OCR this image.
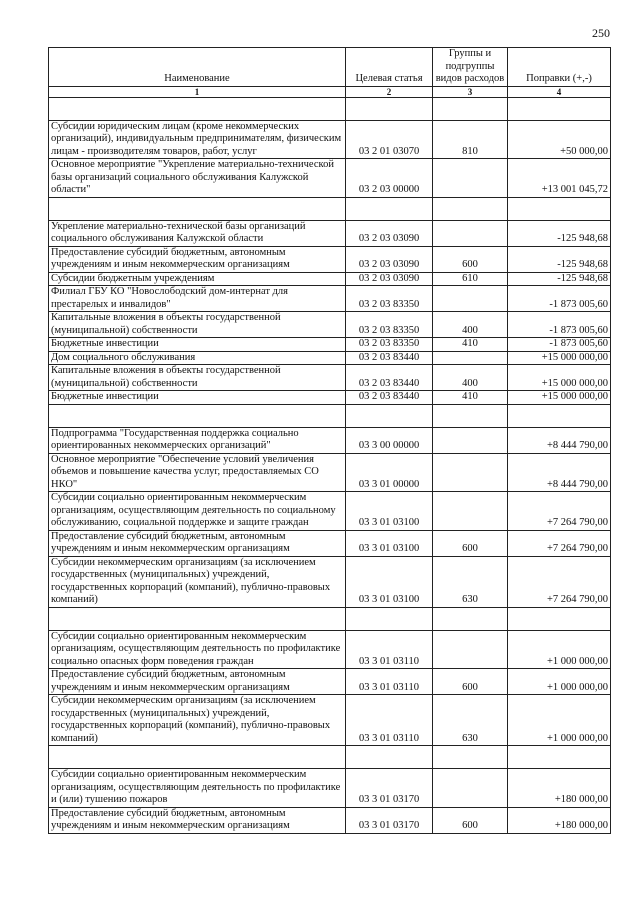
250
Наименование	Целевая статья	Группы и подгруппы видов расходов	Поправки (+,-)
1	2	3	4

Субсидии юридическим лицам (кроме некоммерческих организаций), индивидуальным предпринимателям, физическим лицам - производителям товаров, работ, услуг	03 2 01 03070	810	+50 000,00
Основное мероприятие "Укрепление материально-технической базы организаций социального обслуживания Калужской области"	03 2 03 00000		+13 001 045,72

Укрепление материально-технической базы организаций социального обслуживания Калужской области	03 2 03 03090		-125 948,68
Предоставление субсидий бюджетным, автономным учреждениям и иным некоммерческим организациям	03 2 03 03090	600	-125 948,68
Субсидии бюджетным учреждениям	03 2 03 03090	610	-125 948,68
Филиал ГБУ КО "Новослободский дом-интернат для престарелых и инвалидов"	03 2 03 83350		-1 873 005,60
Капитальные вложения в объекты государственной (муниципальной) собственности	03 2 03 83350	400	-1 873 005,60
Бюджетные инвестиции	03 2 03 83350	410	-1 873 005,60
Дом социального обслуживания	03 2 03 83440		+15 000 000,00
Капитальные вложения в объекты государственной (муниципальной) собственности	03 2 03 83440	400	+15 000 000,00
Бюджетные инвестиции	03 2 03 83440	410	+15 000 000,00

Подпрограмма "Государственная поддержка социально ориентированных некоммерческих организаций"	03 3 00 00000		+8 444 790,00
Основное мероприятие "Обеспечение условий увеличения объемов и повышение качества услуг, предоставляемых СО НКО"	03 3 01 00000		+8 444 790,00
Субсидии социально ориентированным некоммерческим организациям, осуществляющим деятельность по социальному обслуживанию, социальной поддержке и защите граждан	03 3 01 03100		+7 264 790,00
Предоставление субсидий бюджетным, автономным учреждениям и иным некоммерческим организациям	03 3 01 03100	600	+7 264 790,00
Субсидии некоммерческим организациям (за исключением государственных (муниципальных) учреждений, государственных корпораций (компаний), публично-правовых компаний)	03 3 01 03100	630	+7 264 790,00

Субсидии социально ориентированным некоммерческим организациям, осуществляющим деятельность по профилактике социально опасных форм поведения граждан	03 3 01 03110		+1 000 000,00
Предоставление субсидий бюджетным, автономным учреждениям и иным некоммерческим организациям	03 3 01 03110	600	+1 000 000,00
Субсидии некоммерческим организациям (за исключением государственных (муниципальных) учреждений, государственных корпораций (компаний), публично-правовых компаний)	03 3 01 03110	630	+1 000 000,00

Субсидии социально ориентированным некоммерческим организациям, осуществляющим деятельность по профилактике и (или) тушению пожаров	03 3 01 03170		+180 000,00
Предоставление субсидий бюджетным, автономным учреждениям и иным некоммерческим организациям	03 3 01 03170	600	+180 000,00
